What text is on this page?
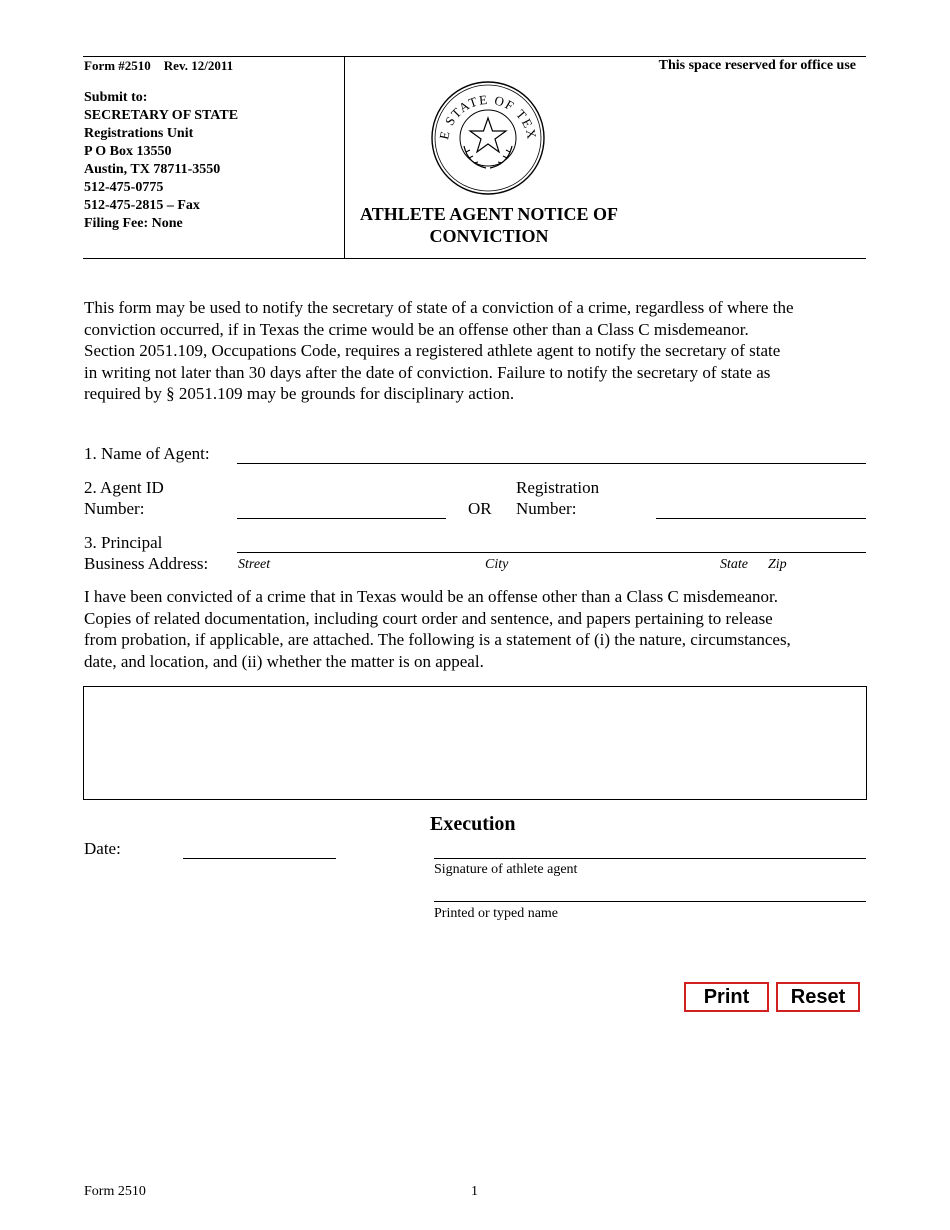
Form #2510 Rev. 12/2011
Submit to:
SECRETARY OF STATE
Registrations Unit
P O Box 13550
Austin, TX 78711-3550
512-475-0775
512-475-2815 – Fax
Filing Fee: None
This space reserved for office use
E STATE OF TEX
ATHLETE AGENT NOTICE OF
CONVICTION
This form may be used to notify the secretary of state of a conviction of a crime, regardless of where the
conviction occurred, if in Texas the crime would be an offense other than a Class C misdemeanor.
Section 2051.109, Occupations Code, requires a registered athlete agent to notify the secretary of state
in writing not later than 30 days after the date of conviction. Failure to notify the secretary of state as
required by § 2051.109 may be grounds for disciplinary action.
1. Name of Agent:
2. Agent ID
Number:	OR
Registration
Number:
3. Principal
Business Address: Street	City	State Zip
I have been convicted of a crime that in Texas would be an offense other than a Class C misdemeanor.
Copies of related documentation, including court order and sentence, and papers pertaining to release
from probation, if applicable, are attached. The following is a statement of (i) the nature, circumstances,
date, and location, and (ii) whether the matter is on appeal.
Execution
Date:
Signature of athlete agent
Printed or typed name
Print	Reset
Form 2510	1
